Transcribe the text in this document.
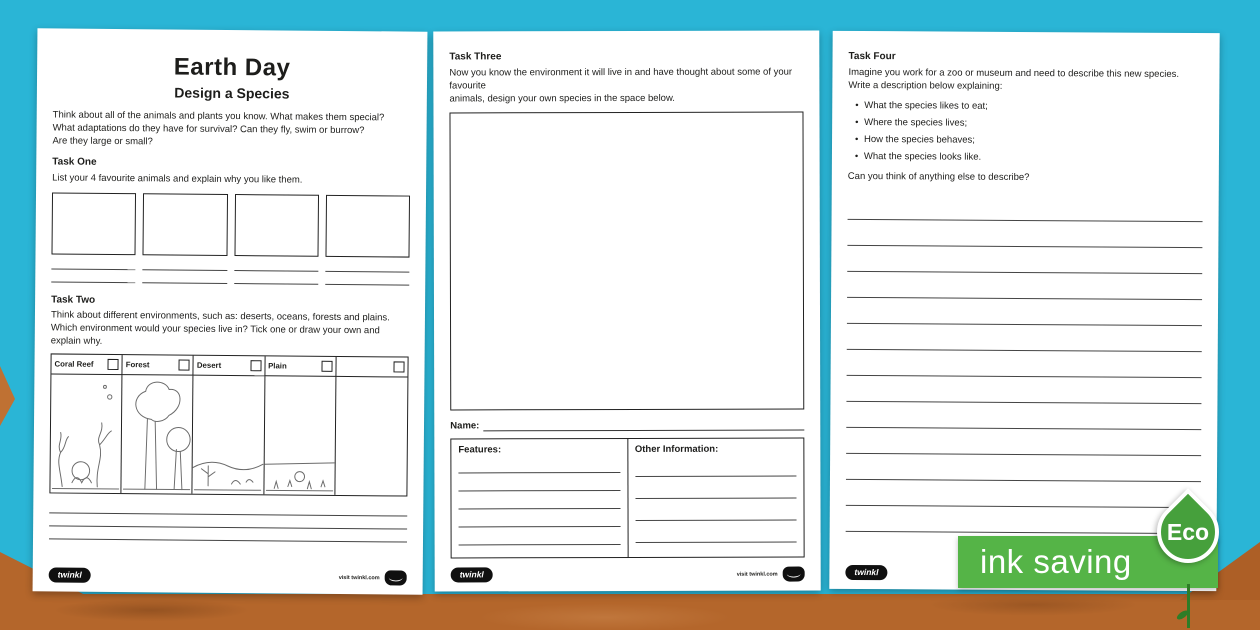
Earth Day
Design a Species
Think about all of the animals and plants you know. What makes them special?
What adaptations do they have for survival? Can they fly, swim or burrow?
Are they large or small?
Task One
List your 4 favourite animals and explain why you like them.
Task Two
Think about different environments, such as: deserts, oceans, forests and plains.
Which environment would your species live in? Tick one or draw your own and explain why.
Coral Reef	Forest	Desert	Plain
twinkl	visit twinkl.com
Task Three
Now you know the environment it will live in and have thought about some of your favourite
animals, design your own species in the space below.
Name:
Features:	Other Information:
twinkl	visit twinkl.com
Task Four
Imagine you work for a zoo or museum and need to describe this new species.
Write a description below explaining:
• What the species likes to eat;
• Where the species lives;
• How the species behaves;
• What the species looks like.
Can you think of anything else to describe?
twinkl	ink saving
Eco
